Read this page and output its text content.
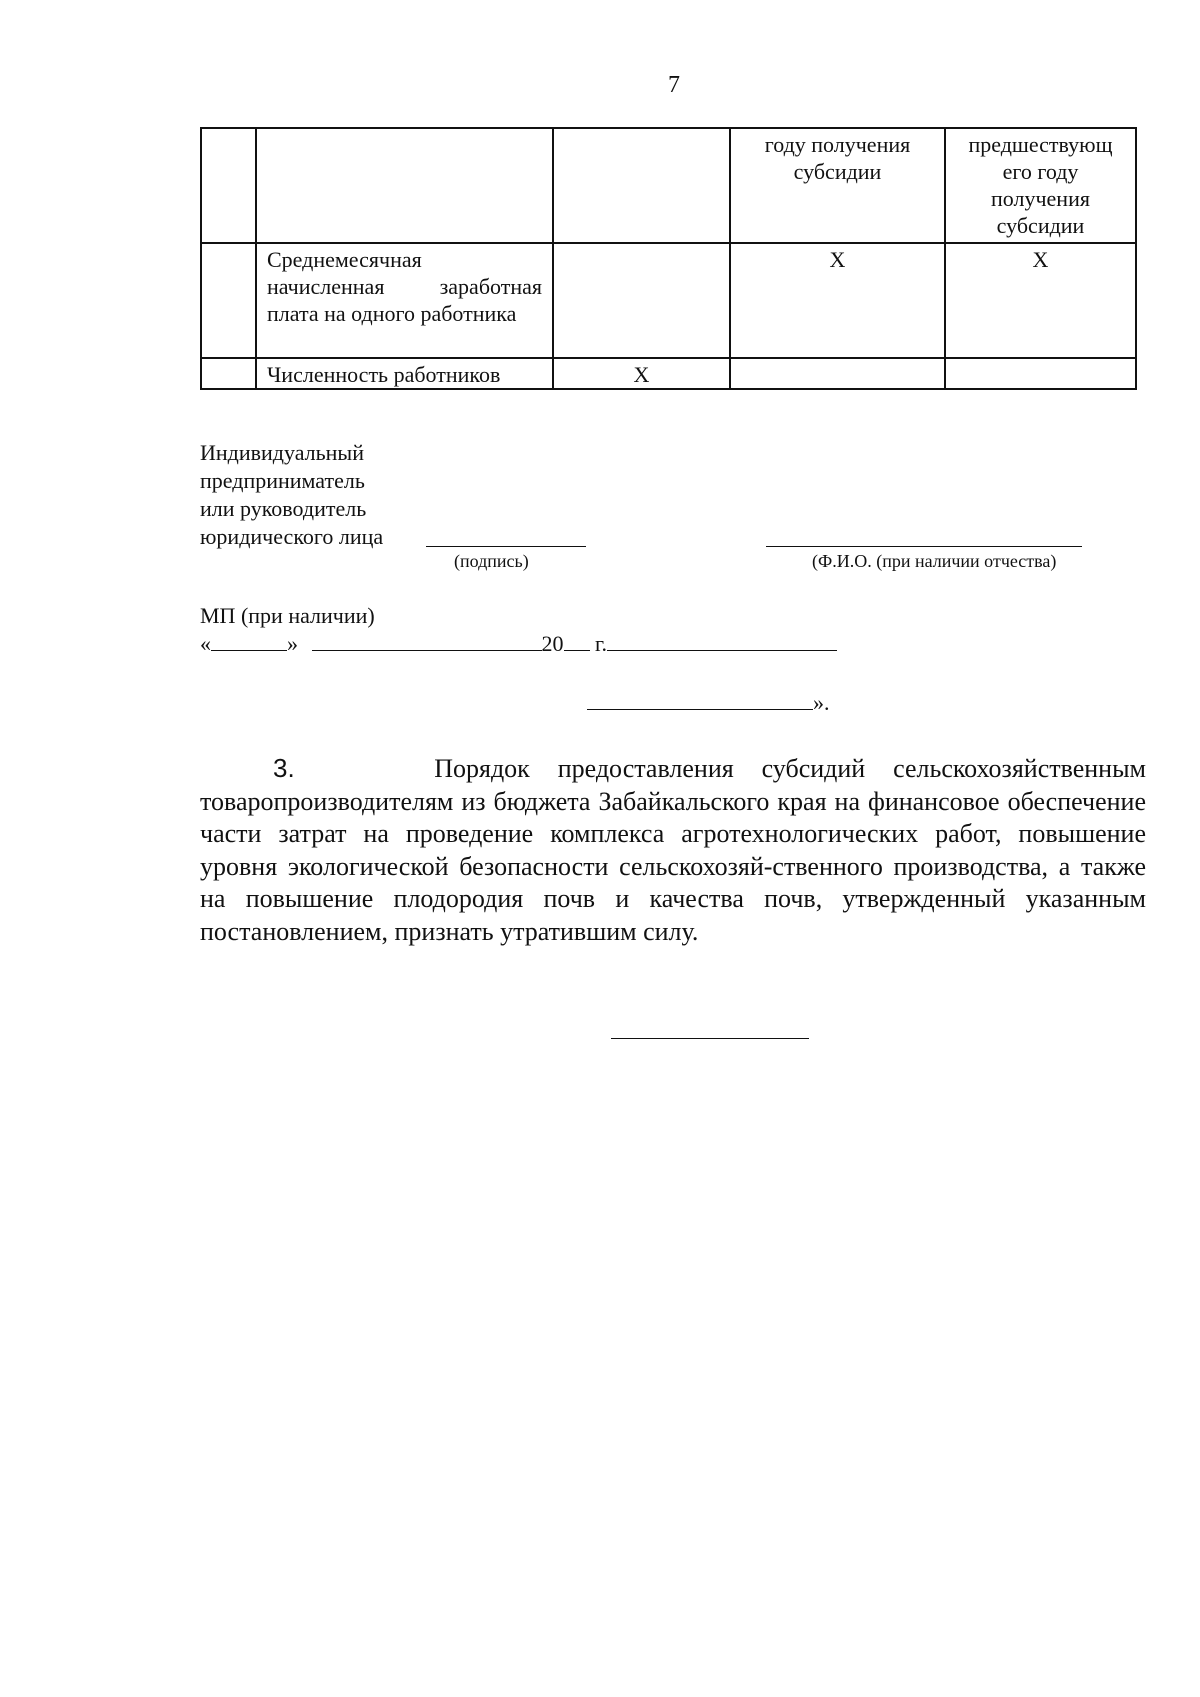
7
			году получения субсидии	предшествующ его году получения субсидии
	Среднемесячная начисленная заработная плата на одного работника		Х	Х
	Численность работников	Х		
Индивидуальный
предприниматель
или руководитель
юридического лица
(подпись)	(Ф.И.О. (при наличии отчества)
МП (при наличии)
«	»	20 г.
».
3.	Порядок предоставления субсидий сельскохозяйственным товаропроизводителям из бюджета Забайкальского края на финансовое обеспечение части затрат на проведение комплекса агротехнологических работ, повышение уровня экологической безопасности сельскохозяй-ственного производства, а также на повышение плодородия почв и качества почв, утвержденный указанным постановлением, признать утратившим силу.
